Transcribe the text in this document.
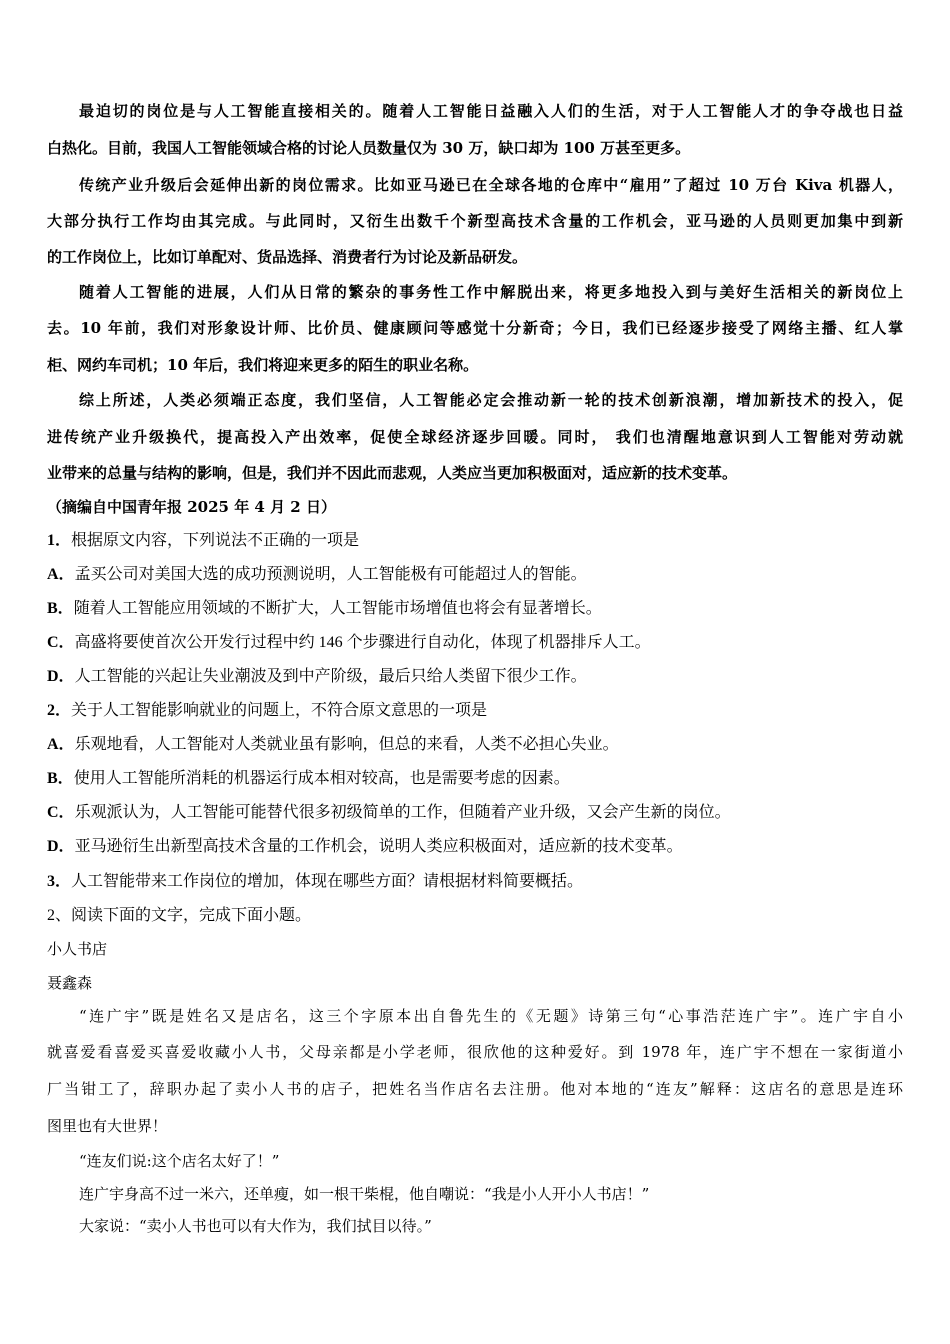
最迫切的岗位是与人工智能直接相关的。随着人工智能日益融入人们的生活，对于人工智能人才的争夺战也日益
白热化。目前，我国人工智能领域合格的讨论人员数量仅为 30 万，缺口却为 100 万甚至更多。
传统产业升级后会延伸出新的岗位需求。比如亚马逊已在全球各地的仓库中“雇用”了超过 10 万台 Kiva 机器人，
大部分执行工作均由其完成。与此同时，又衍生出数千个新型高技术含量的工作机会，亚马逊的人员则更加集中到新
的工作岗位上，比如订单配对、货品选择、消费者行为讨论及新品研发。
随着人工智能的进展，人们从日常的繁杂的事务性工作中解脱出来，将更多地投入到与美好生活相关的新岗位上
去。10 年前，我们对形象设计师、比价员、健康顾问等感觉十分新奇；今日，我们已经逐步接受了网络主播、红人掌
柜、网约车司机；10 年后，我们将迎来更多的陌生的职业名称。
综上所述，人类必须端正态度，我们坚信，人工智能必定会推动新一轮的技术创新浪潮，增加新技术的投入，促
进传统产业升级换代，提高投入产出效率，促使全球经济逐步回暖。同时， 我们也清醒地意识到人工智能对劳动就
业带来的总量与结构的影响，但是，我们并不因此而悲观，人类应当更加积极面对，适应新的技术变革。
（摘编自中国青年报 2025 年 4 月 2 日）
1．根据原文内容，下列说法不正确的一项是
A．孟买公司对美国大选的成功预测说明，人工智能极有可能超过人的智能。
B．随着人工智能应用领域的不断扩大，人工智能市场增值也将会有显著增长。
C．高盛将要使首次公开发行过程中约 146 个步骤进行自动化，体现了机器排斥人工。
D．人工智能的兴起让失业潮波及到中产阶级，最后只给人类留下很少工作。
2．关于人工智能影响就业的问题上，不符合原文意思的一项是
A．乐观地看，人工智能对人类就业虽有影响，但总的来看，人类不必担心失业。
B．使用人工智能所消耗的机器运行成本相对较高，也是需要考虑的因素。
C．乐观派认为，人工智能可能替代很多初级简单的工作，但随着产业升级，又会产生新的岗位。
D．亚马逊衍生出新型高技术含量的工作机会，说明人类应积极面对，适应新的技术变革。
3．人工智能带来工作岗位的增加，体现在哪些方面？请根据材料简要概括。
2、阅读下面的文字，完成下面小题。
小人书店
聂鑫森
“连广宇”既是姓名又是店名，这三个字原本出自鲁先生的《无题》诗第三句“心事浩茫连广宇”。连广宇自小
就喜爱看喜爱买喜爱收藏小人书，父母亲都是小学老师，很欣他的这种爱好。到 1978 年，连广宇不想在一家街道小
厂当钳工了，辞职办起了卖小人书的店子，把姓名当作店名去注册。他对本地的“连友”解释：这店名的意思是连环
图里也有大世界！
“连友们说:这个店名太好了！”
连广宇身高不过一米六，还单瘦，如一根干柴棍，他自嘲说：“我是小人开小人书店！”
大家说：“卖小人书也可以有大作为，我们拭目以待。”
